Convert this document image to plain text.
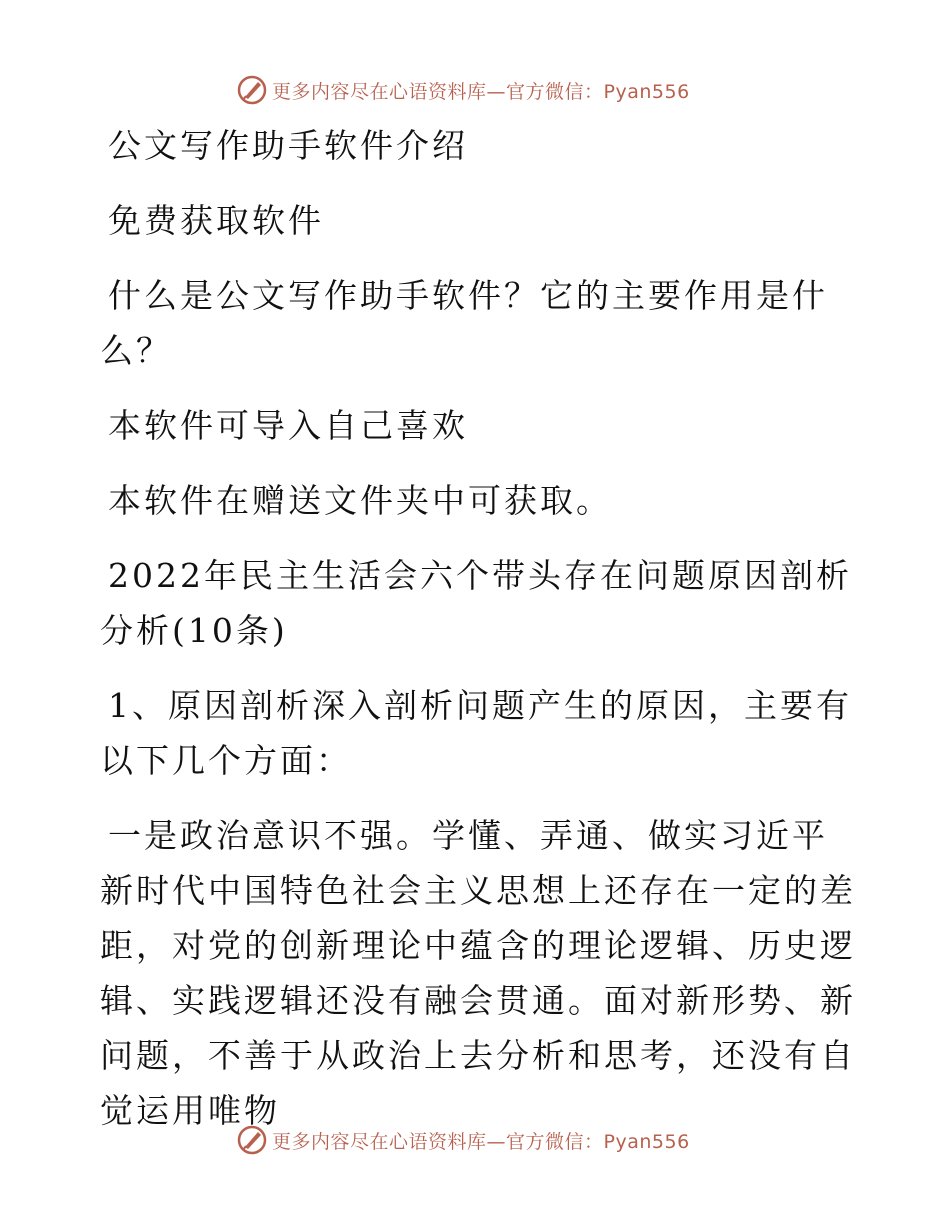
更多内容尽在心语资料库—官方微信：Pyan556

公文写作助手软件介绍

免费获取软件

什么是公文写作助手软件？它的主要作用是什么？

本软件可导入自己喜欢

本软件在赠送文件夹中可获取。

2022年民主生活会六个带头存在问题原因剖析分析(10条)

1、原因剖析深入剖析问题产生的原因，主要有以下几个方面：

一是政治意识不强。学懂、弄通、做实习近平新时代中国特色社会主义思想上还存在一定的差距，对党的创新理论中蕴含的理论逻辑、历史逻辑、实践逻辑还没有融会贯通。面对新形势、新问题，不善于从政治上去分析和思考，还没有自觉运用唯物

更多内容尽在心语资料库—官方微信：Pyan556
